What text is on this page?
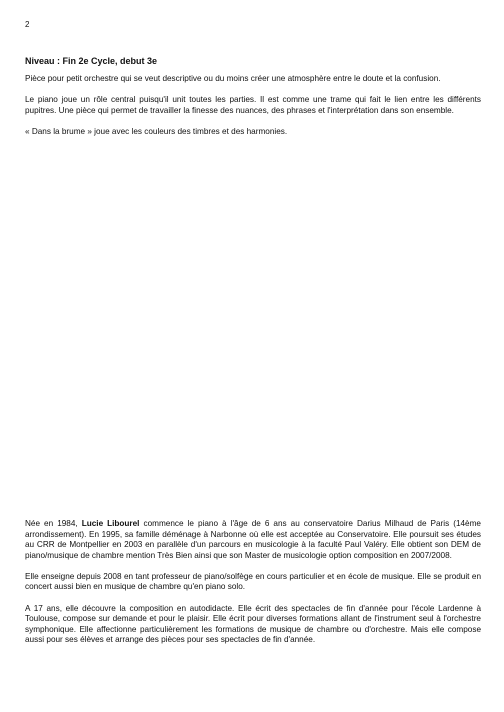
2
Niveau : Fin 2e Cycle, debut 3e

Pièce pour petit orchestre qui se veut descriptive ou du moins créer une atmosphère entre le doute et la confusion.

Le piano joue un rôle central puisqu'il unit toutes les parties. Il est comme une trame qui fait le lien entre les différents pupitres. Une pièce qui permet de travailler la finesse des nuances, des phrases et l'interprétation dans son ensemble.

« Dans la brume » joue avec les couleurs des timbres et des harmonies.

Née en 1984, Lucie Libourel commence le piano à l'âge de 6 ans au conservatoire Darius Milhaud de Paris (14ème arrondissement). En 1995, sa famille déménage à Narbonne où elle est acceptée au Conservatoire. Elle poursuit ses études au CRR de Montpellier en 2003 en parallèle d'un parcours en musicologie à la faculté Paul Valéry. Elle obtient son DEM de piano/musique de chambre mention Très Bien ainsi que son Master de musicologie option composition en 2007/2008.

Elle enseigne depuis 2008 en tant professeur de piano/solfège en cours particulier et en école de musique. Elle se produit en concert aussi bien en musique de chambre qu'en piano solo.

A 17 ans, elle découvre la composition en autodidacte. Elle écrit des spectacles de fin d'année pour l'école Lardenne à Toulouse, compose sur demande et pour le plaisir. Elle écrit pour diverses formations allant de l'instrument seul à l'orchestre symphonique. Elle affectionne particulièrement les formations de musique de chambre ou d'orchestre. Mais elle compose aussi pour ses élèves et arrange des pièces pour ses spectacles de fin d'année.
